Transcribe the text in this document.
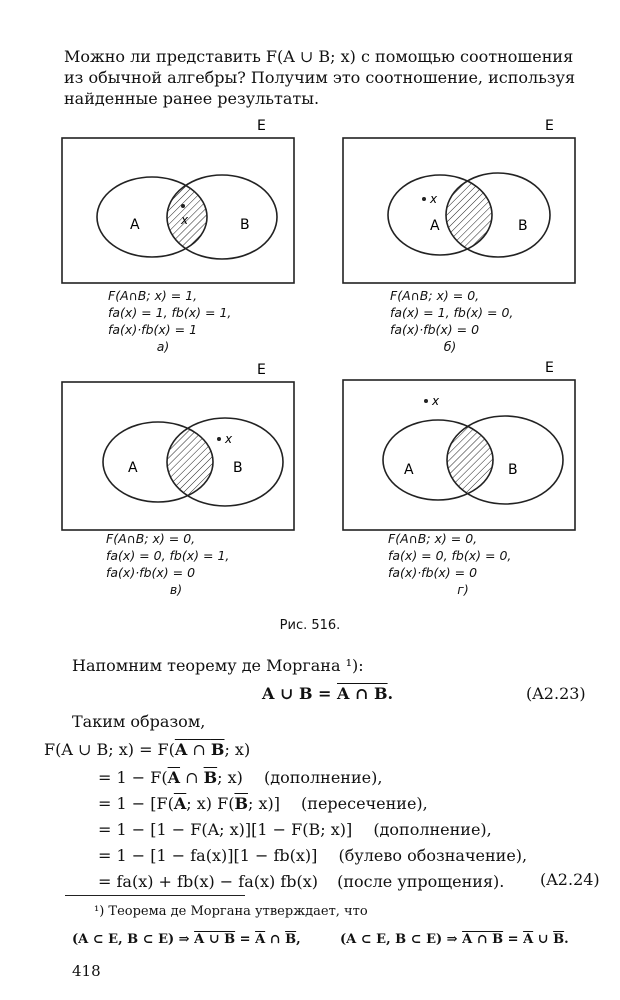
Можно ли представить F(A ∪ B; x) с помощью соотношения
из обычной алгебры? Получим это соотношение, используя
найденные ранее результаты.
E
A	B
x
E
A	B
x
E
A	B
x
E
A	B
x
F(A∩B; x) = 1,
fa(x) = 1, fb(x) = 1,
fa(x)·fb(x) = 1
а)
F(A∩B; x) = 0,
fa(x) = 1, fb(x) = 0,
fa(x)·fb(x) = 0
б)
F(A∩B; x) = 0,
fa(x) = 0, fb(x) = 1,
fa(x)·fb(x) = 0
в)
F(A∩B; x) = 0,
fa(x) = 0, fb(x) = 0,
fa(x)·fb(x) = 0
г)
Рис. 516.
Напомним теорему де Моргана ¹):
A ∪ B = A ∩ B.	(A2.23)
Таким образом,
F(A ∪ B; x) = F(A ∩ B; x)
= $1 - F(\overline{A}$ ∩ $\overline{B}$; x) (дополнение),
= $1 - [F(\overline{A}$; x) $F(\overline{B}$; x)] (пересечение),
= 1 − [1 − F(A; x)][1 − F(B; x)] (дополнение),
= 1 − [1 − fa(x)][1 − fb(x)] (булево обозначение),
= fa(x) + fb(x) − fa(x) fb(x) (после упрощения). (A2.24)
¹) Теорема де Моргана утверждает, что
(A ⊂ E, B ⊂ E) ⇒ A ∪ $B = \overline{A}$ ∩ $\overline{B}$,	(A ⊂ E, B ⊂ E) ⇒ A ∩ $B = \overline{A}$ ∪ $\overline{B}$.
418
